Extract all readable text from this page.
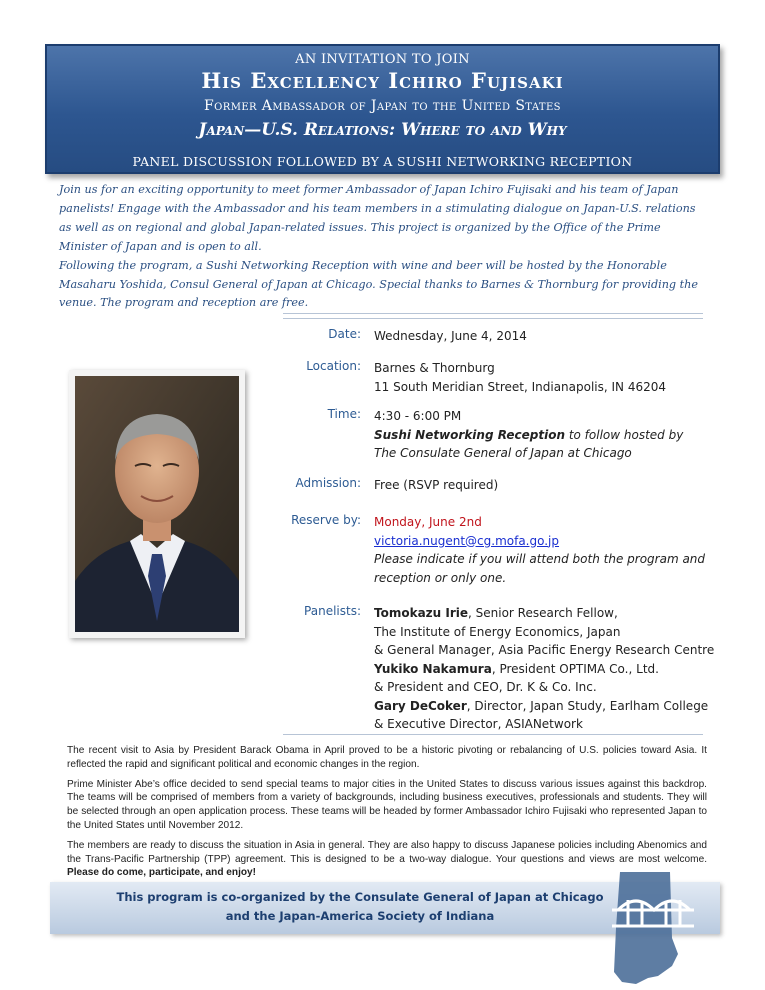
AN INVITATION TO JOIN
His Excellency Ichiro Fujisaki
Former Ambassador of Japan to the United States
Japan—U.S. Relations: Where to and Why
PANEL DISCUSSION FOLLOWED BY A SUSHI NETWORKING RECEPTION

Join us for an exciting opportunity to meet former Ambassador of Japan Ichiro Fujisaki and his team of Japan panelists! Engage with the Ambassador and his team members in a stimulating dialogue on Japan-U.S. relations as well as on regional and global Japan-related issues. This project is organized by the Office of the Prime Minister of Japan and is open to all.

Following the program, a Sushi Networking Reception with wine and beer will be hosted by the Honorable Masaharu Yoshida, Consul General of Japan at Chicago. Special thanks to Barnes & Thornburg for providing the venue. The program and reception are free.

Date: Wednesday, June 4, 2014
Location: Barnes & Thornburg
11 South Meridian Street, Indianapolis, IN 46204
Time: 4:30 - 6:00 PM
Sushi Networking Reception to follow hosted by
The Consulate General of Japan at Chicago
Admission: Free (RSVP required)
Reserve by: Monday, June 2nd
victoria.nugent@cg.mofa.go.jp
Please indicate if you will attend both the program and
reception or only one.
Panelists: Tomokazu Irie, Senior Research Fellow,
The Institute of Energy Economics, Japan
& General Manager, Asia Pacific Energy Research Centre
Yukiko Nakamura, President OPTIMA Co., Ltd.
& President and CEO, Dr. K & Co. Inc.
Gary DeCoker, Director, Japan Study, Earlham College
& Executive Director, ASIANetwork

The recent visit to Asia by President Barack Obama in April proved to be a historic pivoting or rebalancing of U.S. policies toward Asia. It reflected the rapid and significant political and economic changes in the region.

Prime Minister Abe’s office decided to send special teams to major cities in the United States to discuss various issues against this backdrop. The teams will be comprised of members from a variety of backgrounds, including business executives, professionals and students. They will be selected through an open application process. These teams will be headed by former Ambassador Ichiro Fujisaki who represented Japan to the United States until November 2012.

The members are ready to discuss the situation in Asia in general. They are also happy to discuss Japanese policies including Abenomics and the Trans-Pacific Partnership (TPP) agreement. This is designed to be a two-way dialogue. Your questions and views are most welcome. Please do come, participate, and enjoy!

This program is co-organized by the Consulate General of Japan at Chicago
and the Japan-America Society of Indiana
